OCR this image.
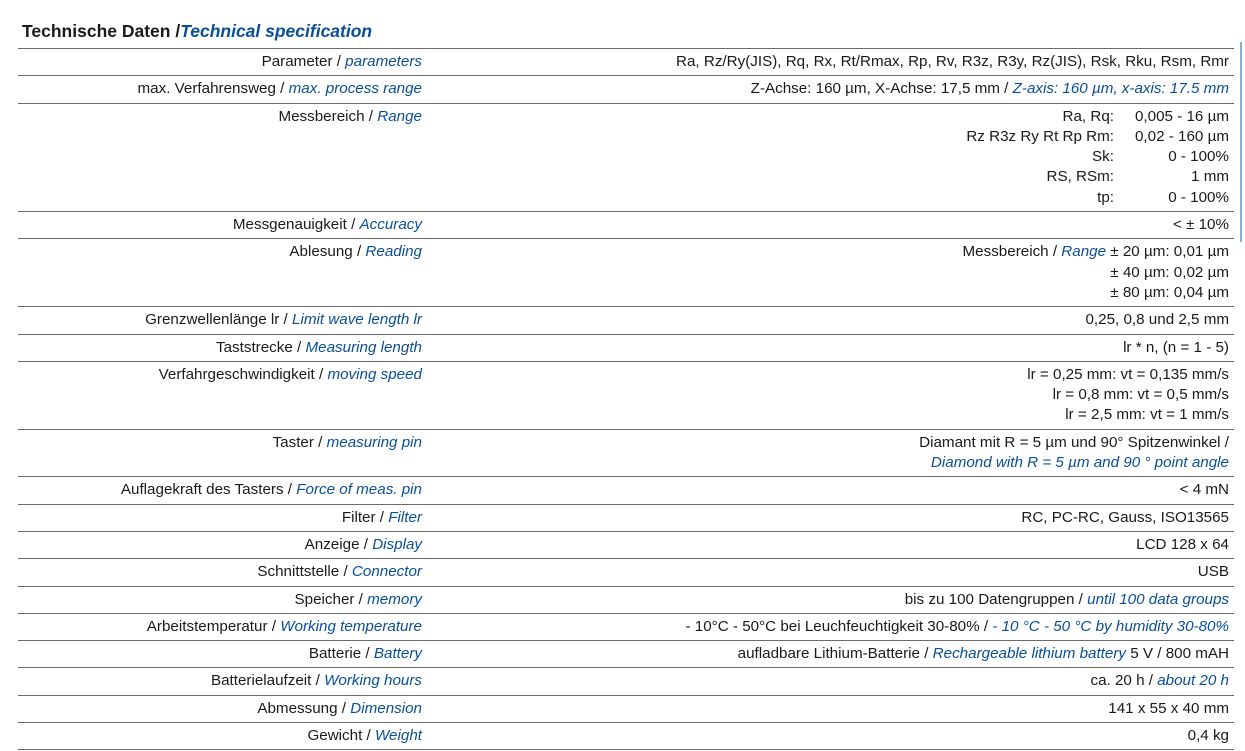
Technische Daten /Technical specification
Parameter / parameters	Ra, Rz/Ry(JIS), Rq, Rx, Rt/Rmax, Rp, Rv, R3z, R3y, Rz(JIS), Rsk, Rku, Rsm, Rmr
max. Verfahrensweg / max. process range	Z-Achse: 160 µm, X-Achse: 17,5 mm / Z-axis: 160 µm, x-axis: 17.5 mm
Messbereich / Range	Ra, Rq:	0,005 - 16 µm
Rz R3z Ry Rt Rp Rm:	0,02 - 160 µm
Sk:	0 - 100%
RS, RSm:	1 mm
tp:	0 - 100%
Messgenauigkeit / Accuracy	< ± 10%
Ablesung / Reading	Messbereich / Range ± 20 µm: 0,01 µm
± 40 µm: 0,02 µm
± 80 µm: 0,04 µm
Grenzwellenlänge lr / Limit wave length lr	0,25, 0,8 und 2,5 mm
Taststrecke / Measuring length	lr * n, (n = 1 - 5)
Verfahrgeschwindigkeit / moving speed	lr = 0,25 mm: vt = 0,135 mm/s
lr = 0,8 mm: vt = 0,5 mm/s
lr = 2,5 mm: vt = 1 mm/s
Taster / measuring pin	Diamant mit R = 5 µm und 90° Spitzenwinkel /
Diamond with R = 5 µm and 90 ° point angle
Auflagekraft des Tasters / Force of meas. pin	< 4 mN
Filter / Filter	RC, PC-RC, Gauss, ISO13565
Anzeige / Display	LCD 128 x 64
Schnittstelle / Connector	USB
Speicher / memory	bis zu 100 Datengruppen / until 100 data groups
Arbeitstemperatur / Working temperature	- 10°C - 50°C bei Leuchfeuchtigkeit 30-80% / - 10 °C - 50 °C by humidity 30-80%
Batterie / Battery	aufladbare Lithium-Batterie / Rechargeable lithium battery 5 V / 800 mAH
Batterielaufzeit / Working hours	ca. 20 h / about 20 h
Abmessung / Dimension	141 x 55 x 40 mm
Gewicht / Weight	0,4 kg
